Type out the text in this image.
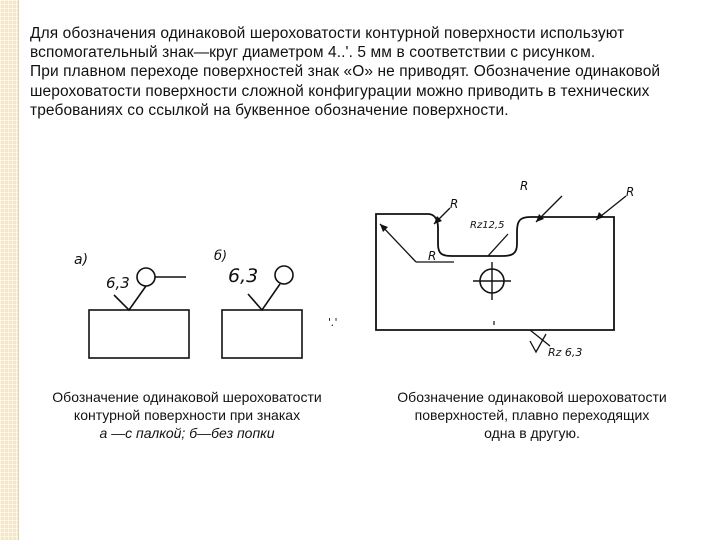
Для обозначения одинаковой шероховатости контурной поверхности используют вспомогательный знак—круг диаметром 4..'. 5 мм в соответствии с рисунком.

При плавном переходе поверхностей знак «О» не приводят. Обозначение одинаковой шероховатости поверхности сложной конфигурации можно приводить в технических требованиях со ссылкой на буквенное обозначение поверхности.

а)
6,3
б)
6,3
'.'
R
R
Rz12,5
R	R
Rz 6,3
Обозначение одинаковой шероховатости
контурной поверхности при знаках
а —с палкой; б—без попки
Обозначение одинаковой шероховатости
поверхностей, плавно переходящих
одна в другую.
